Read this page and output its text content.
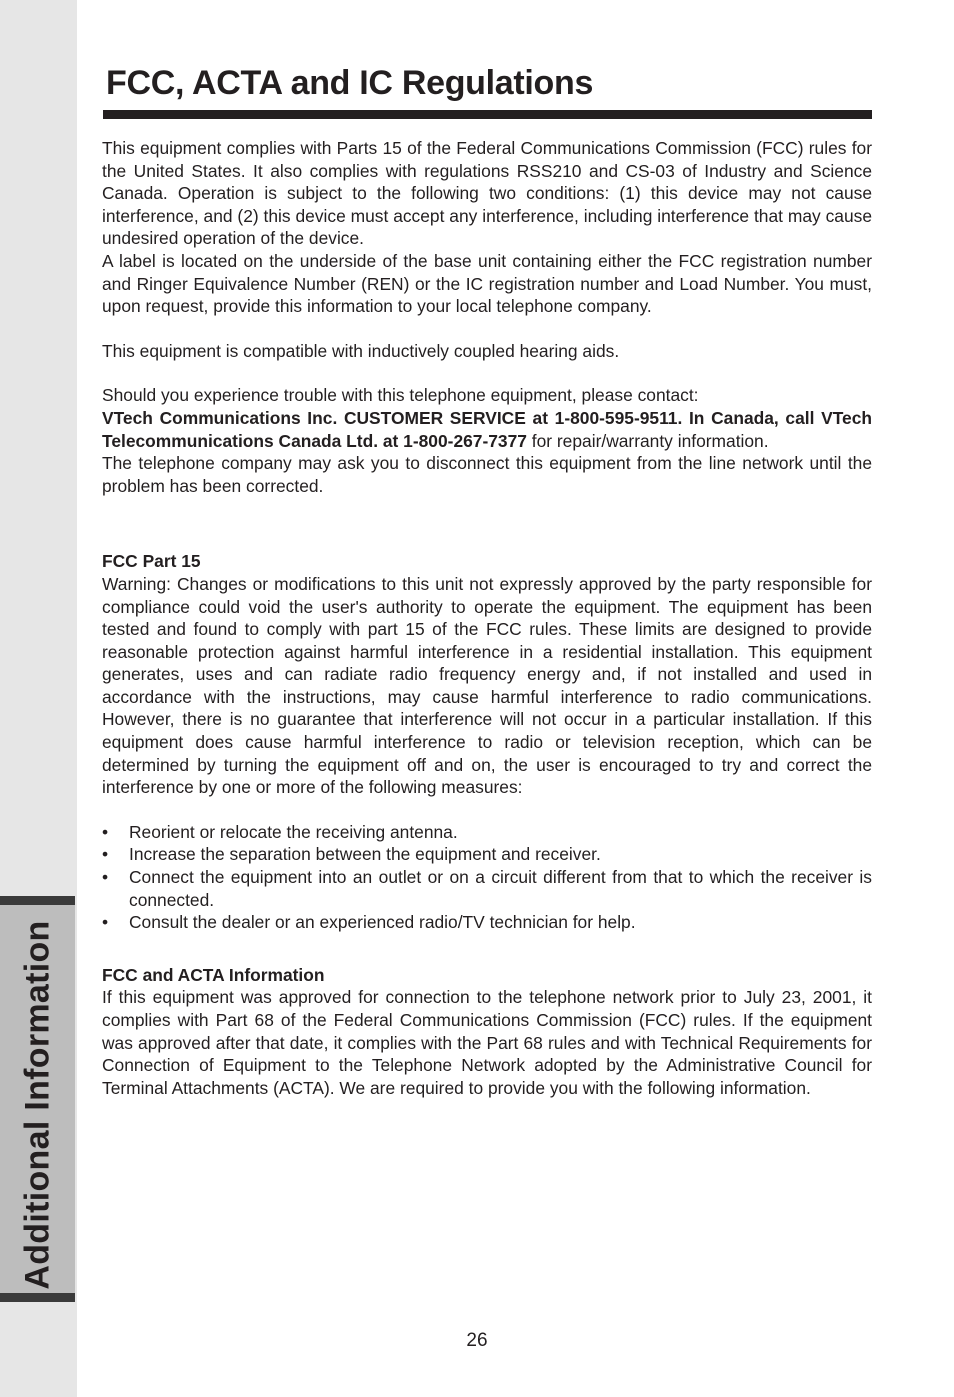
Additional Information
FCC, ACTA and IC Regulations

This equipment complies with Parts 15 of the Federal Communications Commission (FCC) rules for the United States. It also complies with regulations RSS210 and CS-03 of Industry and Science Canada. Operation is subject to the following two conditions: (1) this device may not cause interference, and (2) this device must accept any interference, including interference that may cause undesired operation of the device.

A label is located on the underside of the base unit containing either the FCC registration number and Ringer Equivalence Number (REN) or the IC registration number and Load Number. You must, upon request, provide this information to your local telephone company.

This equipment is compatible with inductively coupled hearing aids.

Should you experience trouble with this telephone equipment, please contact:

VTech Communications Inc. CUSTOMER SERVICE at 1-800-595-9511. In Canada, call VTech Telecommunications Canada Ltd. at 1-800-267-7377 for repair/warranty information.

The telephone company may ask you to disconnect this equipment from the line network until the problem has been corrected.

FCC Part 15

Warning: Changes or modifications to this unit not expressly approved by the party responsible for compliance could void the user's authority to operate the equipment. The equipment has been tested and found to comply with part 15 of the FCC rules. These limits are designed to provide reasonable protection against harmful interference in a residential installation. This equipment generates, uses and can radiate radio frequency energy and, if not installed and used in accordance with the instructions, may cause harmful interference to radio communications. However, there is no guarantee that interference will not occur in a particular installation. If this equipment does cause harmful interference to radio or television reception, which can be determined by turning the equipment off and on, the user is encouraged to try and correct the interference by one or more of the following measures:

• Reorient or relocate the receiving antenna.
• Increase the separation between the equipment and receiver.
• Connect the equipment into an outlet or on a circuit different from that to which the receiver is connected.
• Consult the dealer or an experienced radio/TV technician for help.

FCC and ACTA Information

If this equipment was approved for connection to the telephone network prior to July 23, 2001, it complies with Part 68 of the Federal Communications Commission (FCC) rules. If the equipment was approved after that date, it complies with the Part 68 rules and with Technical Requirements for Connection of Equipment to the Telephone Network adopted by the Administrative Council for Terminal Attachments (ACTA). We are required to provide you with the following information.

26
